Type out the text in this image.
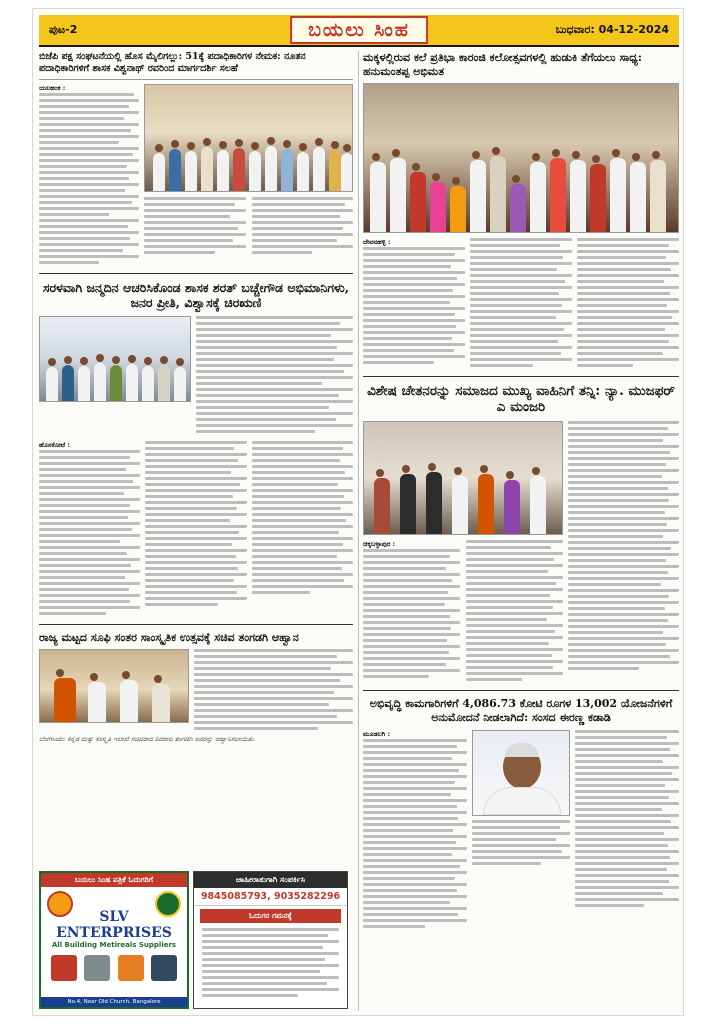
ಪುಟ-2	ಬಯಲು ಸಿಂಹ	ಬುಧವಾರ: 04-12-2024
ಬಿಜೆಪಿ ಪಕ್ಷ ಸಂಘಟನೆಯಲ್ಲಿ ಹೊಸ ಮೈಲಿಗಲ್ಲು: 51ಕ್ಕೆ ಪದಾಧಿಕಾರಿಗಳ ನೇಮಕ: ನೂತನ ಪದಾಧಿಕಾರಿಗಳಿಗೆ ಶಾಸಕ ವಿಶ್ವನಾಥ್ ರವರಿಂದ ಮಾರ್ಗದರ್ಶಿ ಸಲಹೆ
ಯಲಹಂಕ :
ಸರಳವಾಗಿ ಜನ್ಮದಿನ ಆಚರಿಸಿಕೊಂಡ ಶಾಸಕ ಶರತ್ ಬಚ್ಚೇಗೌಡ ಅಭಿಮಾನಿಗಳು, ಜನರ ಪ್ರೀತಿ, ವಿಶ್ವಾಸಕ್ಕೆ ಚಿರಋಣಿ
ಹೊಸಕೋಟೆ :
ರಾಜ್ಯ ಮಟ್ಟದ ಸೂಫಿ ಸಂತರ ಸಾಂಸ್ಕೃತಿಕ ಉತ್ಸವಕ್ಕೆ ಸಚಿವ ತಂಗಡಗಿ ಆಹ್ವಾನ
ಬೆಂಗಳೂರು: ಕನ್ನಡ ಮತ್ತು ಸಂಸ್ಕೃತಿ ಇಲಾಖೆ ಸಚಿವರಾದ ಶಿವರಾಜ ತಂಗಡಗಿ ಅವರನ್ನು ಆಹ್ವಾನಿಸಲಾಯಿತು.
ಮಕ್ಕಳಲ್ಲಿರುವ ಕಲೆ ಪ್ರತಿಭಾ ಕಾರಂಜಿ ಕಲೋತ್ಸವಗಳಲ್ಲಿ ಹುಡುಕಿ ತೆಗೆಯಲು ಸಾಧ್ಯ: ಹನುಮಂತಪ್ಪ ಅಭಿಮತ
ದೇವನಹಳ್ಳಿ :
ವಿಶೇಷ ಚೇತನರನ್ನು ಸಮಾಜದ ಮುಖ್ಯ ವಾಹಿನಿಗೆ ತನ್ನಿ: ನ್ಯಾ. ಮುಜಫರ್ ಎ ಮಂಜರಿ
ಚಿಕ್ಕಬಳ್ಳಾಪುರ :
ಅಭಿವೃದ್ಧಿ ಕಾಮಗಾರಿಗಳಿಗೆ 4,086.73 ಕೋಟಿ ರೂಗಳ 13,002 ಯೋಜನೆಗಳಿಗೆ ಅನುಮೋದನೆ ನೀಡಲಾಗಿದೆ: ಸಂಸದ ಈರಣ್ಣ ಕಡಾಡಿ
ಮೂಡಲಗಿ :
ಬಯಲು ಸಿಂಹ ಪತ್ರಿಕೆ ಓದುಗರಿಗೆ
SLV ENTERPRISES
All Building Metireals Suppliers
No.4, Near Old Church, Bangalore
ಜಾಹೀರಾತುಗಾಗಿ ಸಂಪರ್ಕಿಸಿ
9845085793, 9035282296
ಓದುಗರ ಗಮನಕ್ಕೆ
